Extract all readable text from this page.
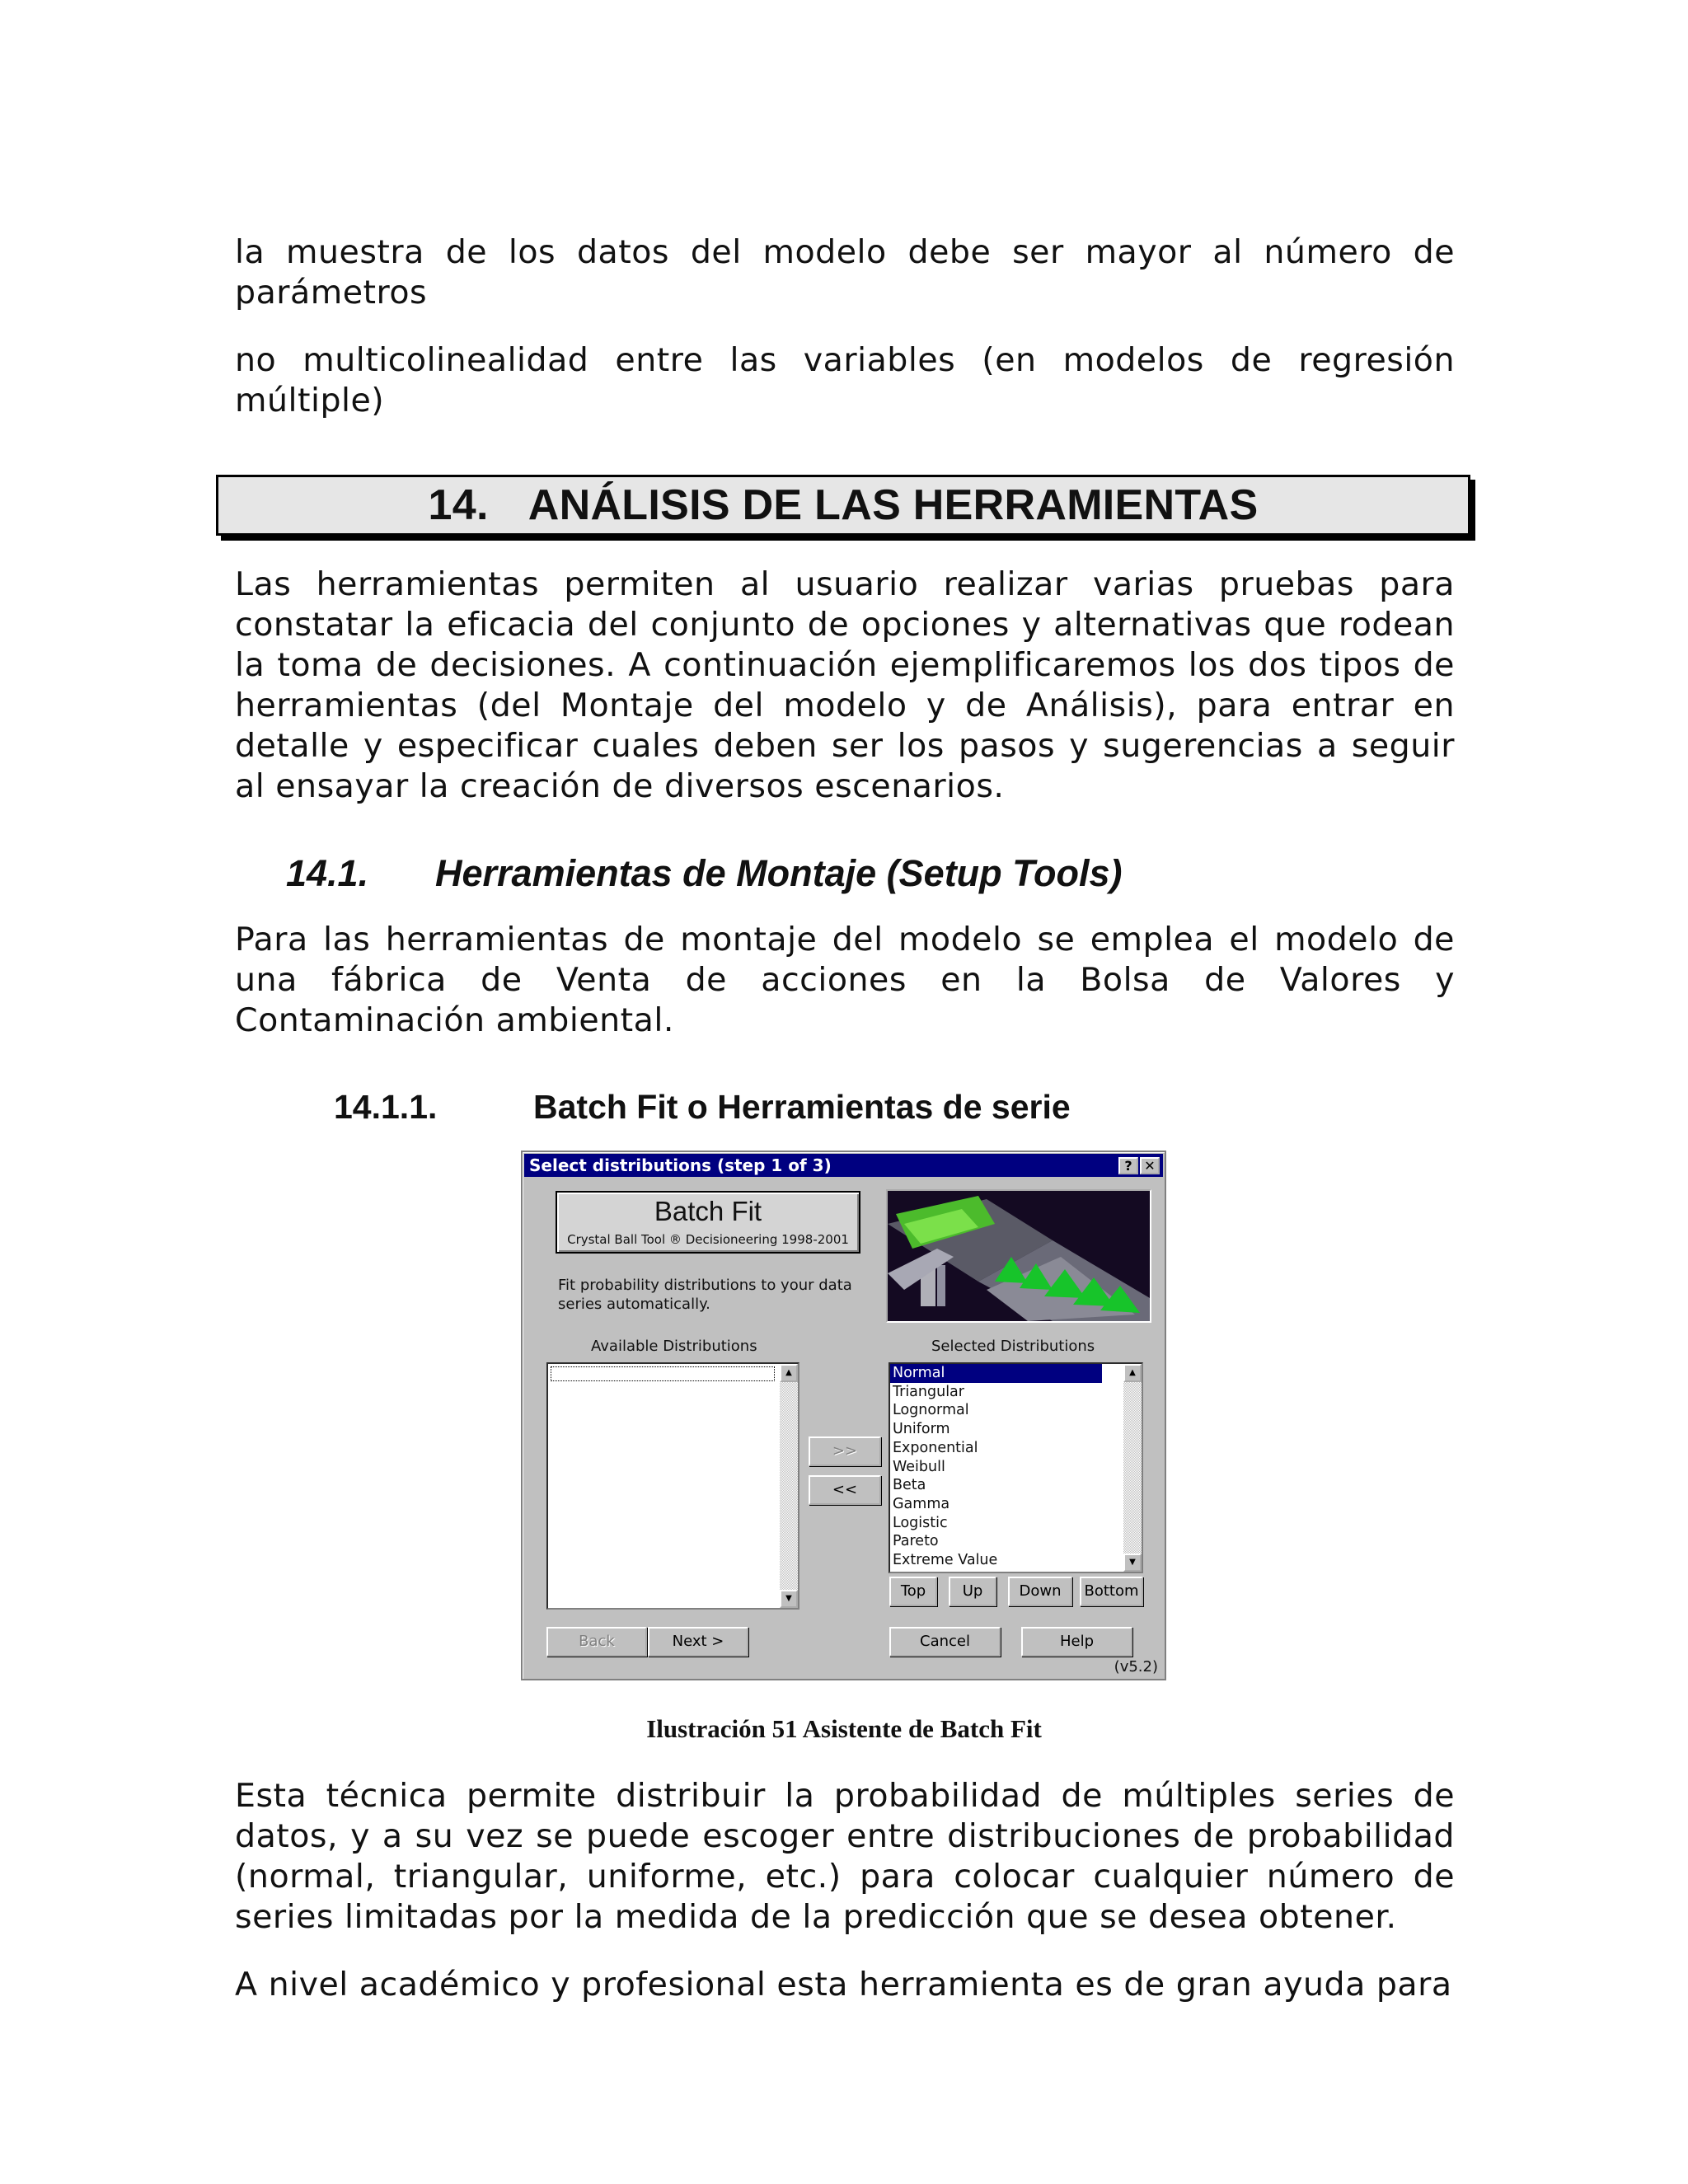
la muestra de los datos del modelo debe ser mayor al número de parámetros

no multicolinealidad entre las variables (en modelos de regresión múltiple)

14. ANÁLISIS DE LAS HERRAMIENTAS

Las herramientas permiten al usuario realizar varias pruebas para constatar la eficacia del conjunto de opciones y alternativas que rodean la toma de decisiones. A continuación ejemplificaremos los dos tipos de herramientas (del Montaje del modelo y de Análisis), para entrar en detalle y especificar cuales deben ser los pasos y sugerencias a seguir al ensayar la creación de diversos escenarios.

14.1. Herramientas de Montaje (Setup Tools)

Para las herramientas de montaje del modelo se emplea el modelo de una fábrica de Venta de acciones en la Bolsa de Valores y Contaminación ambiental.

14.1.1.	Batch Fit o Herramientas de serie
Select distributions (step 1 of 3)	? ✕
Batch Fit
Crystal Ball Tool ® Decisioneering 1998-2001
Fit probability distributions to your data series automatically.
Available Distributions	Selected Distributions
▲
▼
>>
<<
Normal
Triangular
Lognormal
Uniform
Exponential
Weibull
Beta
Gamma
Logistic
Pareto
Extreme Value
▲
▼
Top	Up	Down	Bottom
Back	Next >	Cancel	Help
(v5.2)
Ilustración 51 Asistente de Batch Fit

Esta técnica permite distribuir la probabilidad de múltiples series de datos, y a su vez se puede escoger entre distribuciones de probabilidad (normal, triangular, uniforme, etc.) para colocar cualquier número de series limitadas por la medida de la predicción que se desea obtener.

A nivel académico y profesional esta herramienta es de gran ayuda para
